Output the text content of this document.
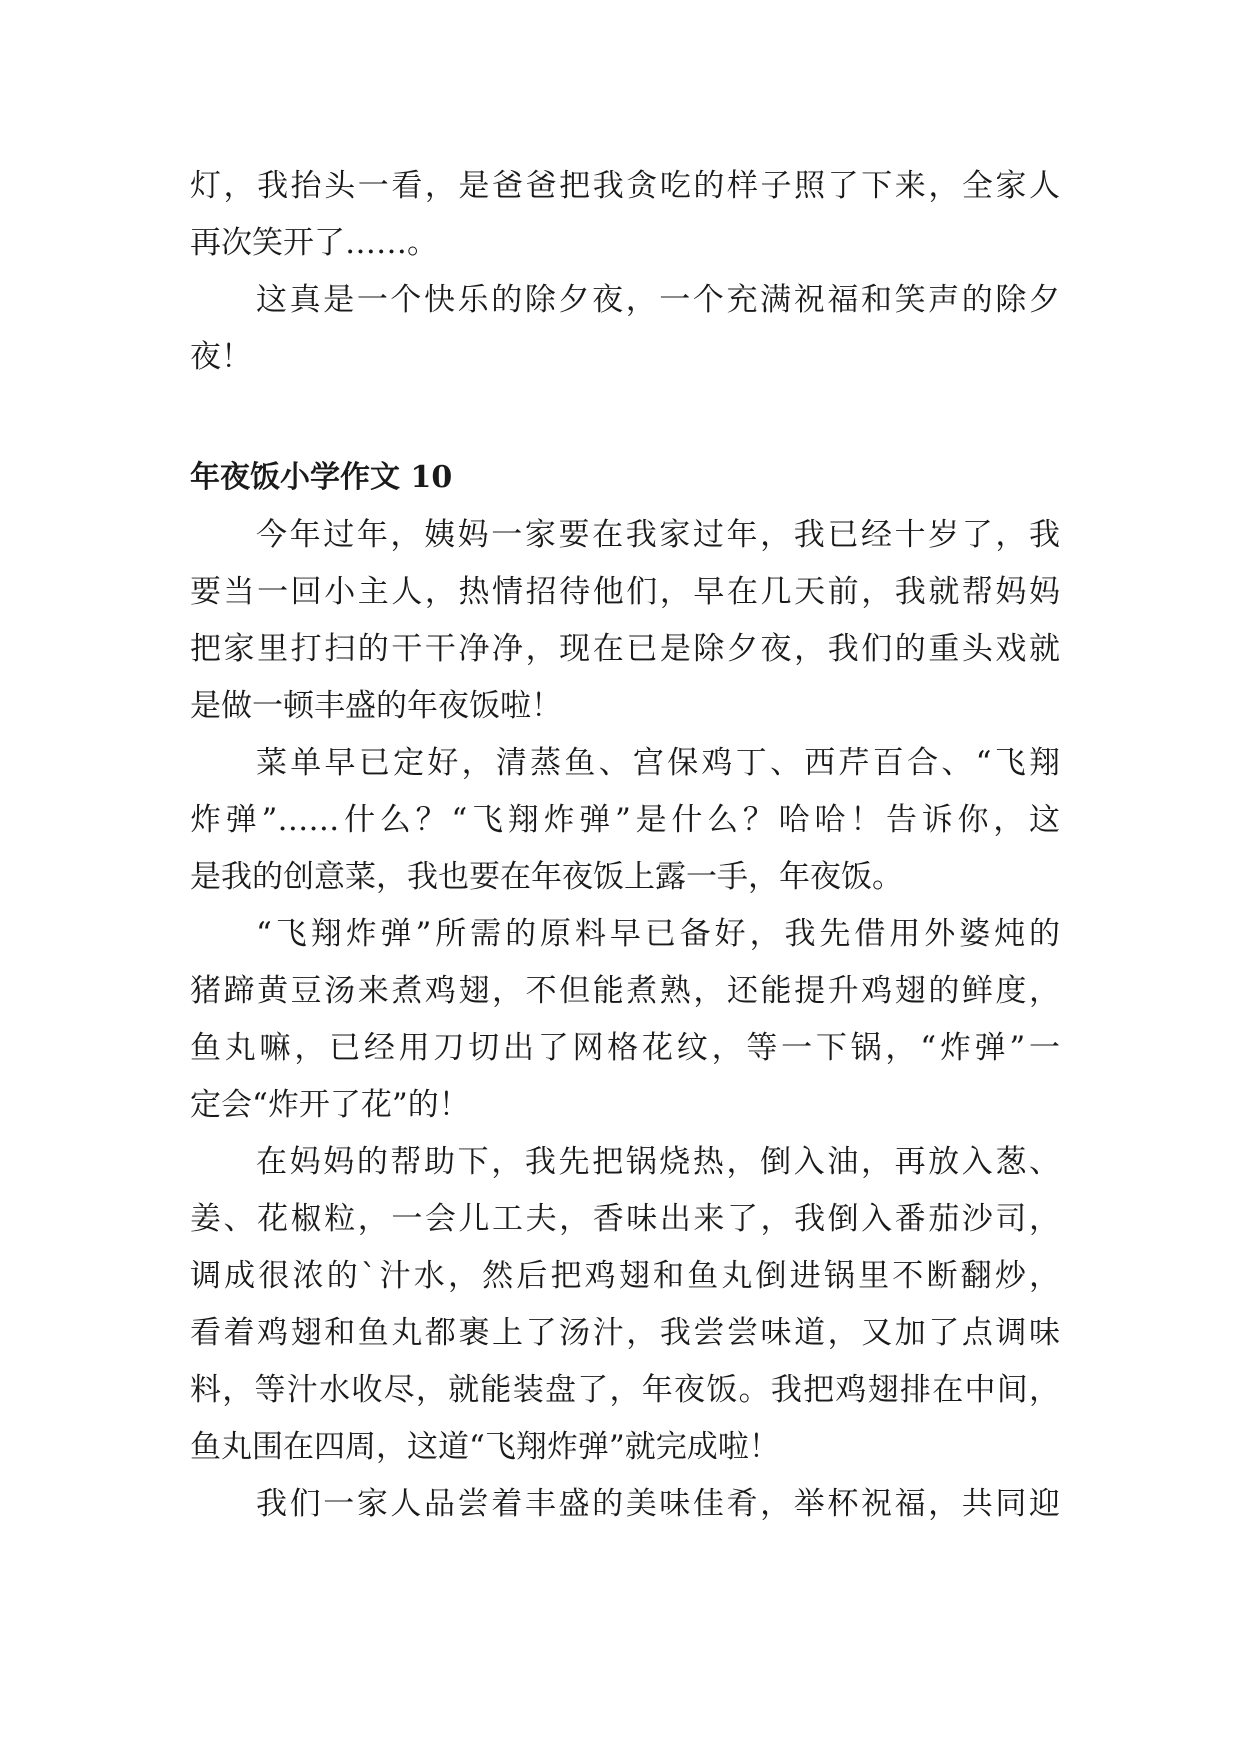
灯，我抬头一看，是爸爸把我贪吃的样子照了下来，全家人

再次笑开了……。

这真是一个快乐的除夕夜，一个充满祝福和笑声的除夕

夜！

年夜饭小学作文 10

今年过年，姨妈一家要在我家过年，我已经十岁了，我

要当一回小主人，热情招待他们，早在几天前，我就帮妈妈

把家里打扫的干干净净，现在已是除夕夜，我们的重头戏就

是做一顿丰盛的年夜饭啦！

菜单早已定好，清蒸鱼、宫保鸡丁、西芹百合、“飞翔

炸弹”……什么？“飞翔炸弹”是什么？哈哈！告诉你，这

是我的创意菜，我也要在年夜饭上露一手，年夜饭。

“飞翔炸弹”所需的原料早已备好，我先借用外婆炖的

猪蹄黄豆汤来煮鸡翅，不但能煮熟，还能提升鸡翅的鲜度，

鱼丸嘛，已经用刀切出了网格花纹，等一下锅，“炸弹”一

定会“炸开了花”的！

在妈妈的帮助下，我先把锅烧热，倒入油，再放入葱、

姜、花椒粒，一会儿工夫，香味出来了，我倒入番茄沙司，

调成很浓的`汁水，然后把鸡翅和鱼丸倒进锅里不断翻炒，

看着鸡翅和鱼丸都裹上了汤汁，我尝尝味道，又加了点调味

料，等汁水收尽，就能装盘了，年夜饭。我把鸡翅排在中间，

鱼丸围在四周，这道“飞翔炸弹”就完成啦！

我们一家人品尝着丰盛的美味佳肴，举杯祝福，共同迎
